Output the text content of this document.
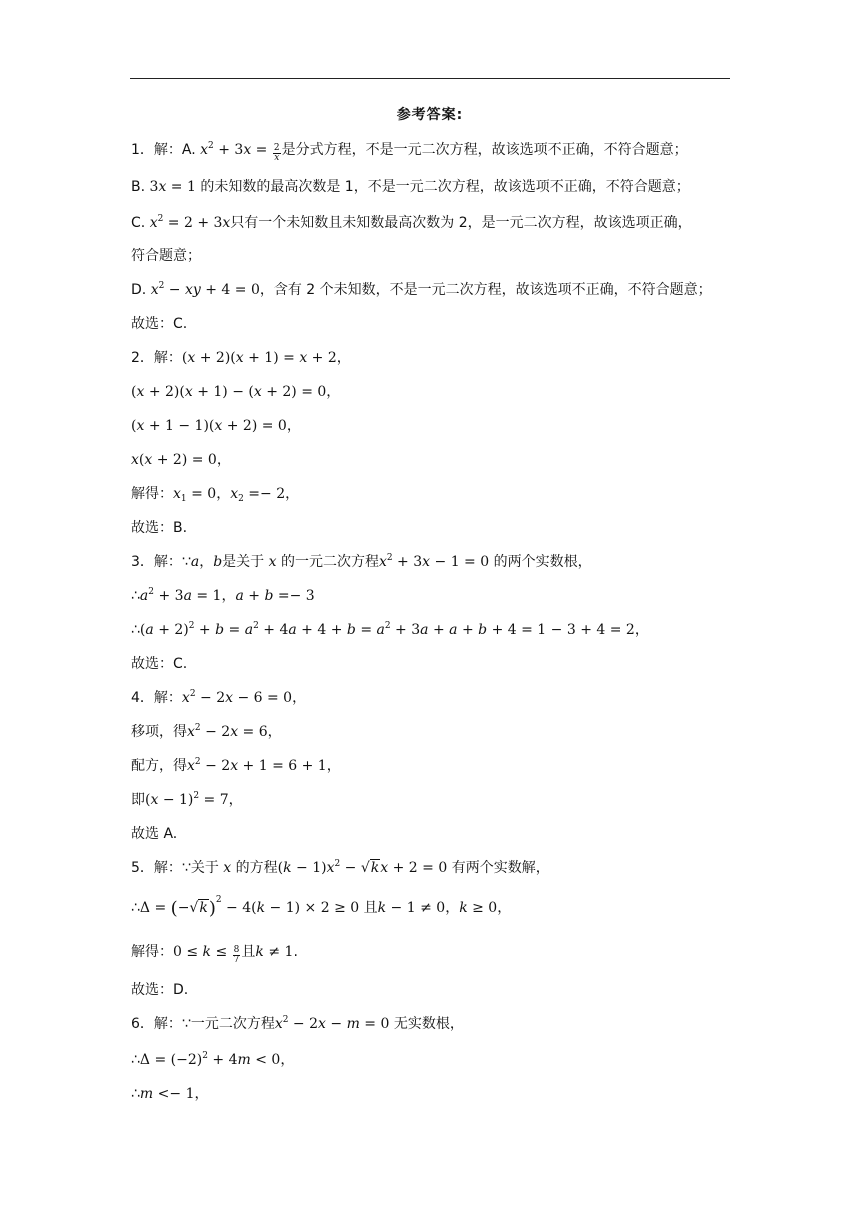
参考答案:
1．解：A. $x^2 + 3x = \frac{2}{x}$ 是分式方程，不是一元二次方程，故该选项不正确，不符合题意；
B. 3x = 1 的未知数的最高次数是 1，不是一元二次方程，故该选项不正确，不符合题意；
C. $x^2 = 2 + 3x$只有一个未知数且未知数最高次数为 2，是一元二次方程，故该选项正确，
符合题意；
D. $x^2$ − xy + 4 = 0，含有 2 个未知数，不是一元二次方程，故该选项不正确，不符合题意；
故选：C.
2．解：(x + 2)(x + 1) = x + 2，
(x + 2)(x + 1) − (x + 2) = 0，
(x + 1 − 1)(x + 2) = 0，
x(x + 2) = 0，
解得：$x_1 = 0$，$x_2 =- 2$，
故选：B.
3．解：∵a，b是关于 x 的一元二次方程$x^2 + 3x - 1 = 0$ 的两个实数根，
$\therefore a^2 + 3a = 1$，a + b =− 3
∴(a + $2)^2 + b = a^2 + 4a + 4 + b = a^2 + 3a + a + b + 4 = 1 - 3 + 4 = 2$，
故选：C.
4．解：$x^2 - 2x - 6 = 0$，
移项，得$x^2 - 2x = 6$，
配方，得$x^2 - 2x + 1 = 6 + 1$，
即$(x - 1)^2 = 7$，
故选 A.
5．解：∵关于 x 的方程$(k - 1)x^2 - √kx + 2 = 0$ 有两个实数解，
∴Δ = $(-√k)^2 - 4(k - 1) \times 2 \ge 0$ 且k − 1 ≠ 0，k ≥ 0，
解得：$0 \le k \le \frac{8}{7}$ 且k ≠ 1.
故选：D.
6．解：∵一元二次方程$x^2 - 2x - m = 0$ 无实数根，
∴Δ = $(-2)^2 + 4m < 0$，
∴m <− 1，
